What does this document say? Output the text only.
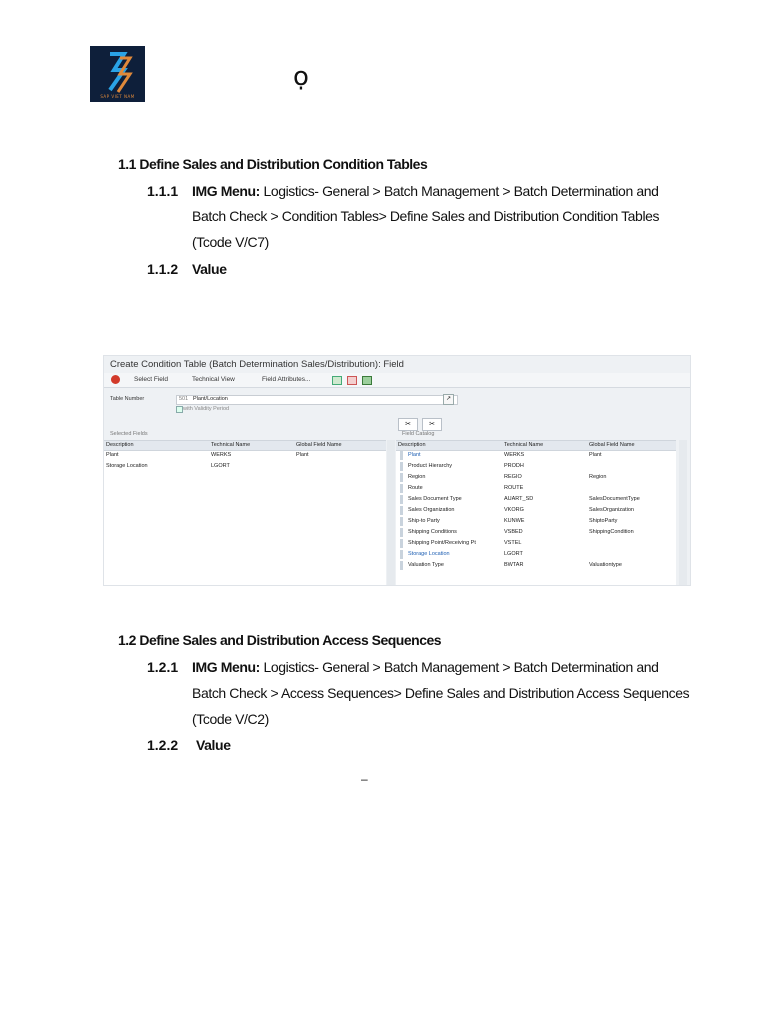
SAP VIET NAM
ọ
1.1 Define Sales and Distribution Condition Tables
1.1.1 IMG Menu: Logistics- General > Batch Management > Batch Determination and
Batch Check > Condition Tables> Define Sales and Distribution Condition Tables
(Tcode V/C7)
1.1.2 Value
Create Condition Table (Batch Determination Sales/Distribution): Field
Select Field	Technical View	Field Attributes...
Table Number	501 Plant/Location	↗
with Validity Period
✂	✂
Selected Fields
Description	Technical Name	Global Field Name
Plant	WERKS	Plant
Storage Location	LGORT
Field Catalog
Description	Technical Name	Global Field Name
Plant	WERKS	Plant
Product Hierarchy	PRODH
Region	REGIO	Region
Route	ROUTE
Sales Document Type	AUART_SD	SalesDocumentType
Sales Organization	VKORG	SalesOrganization
Ship-to Party	KUNWE	ShiptoParty
Shipping Conditions	VSBED	ShippingCondition
Shipping Point/Receiving Pt	VSTEL
Storage Location	LGORT
Valuation Type	BWTAR	Valuationtype
1.2 Define Sales and Distribution Access Sequences
1.2.1 IMG Menu: Logistics- General > Batch Management > Batch Determination and
Batch Check > Access Sequences> Define Sales and Distribution Access Sequences
(Tcode V/C2)
1.2.2 Value
–
